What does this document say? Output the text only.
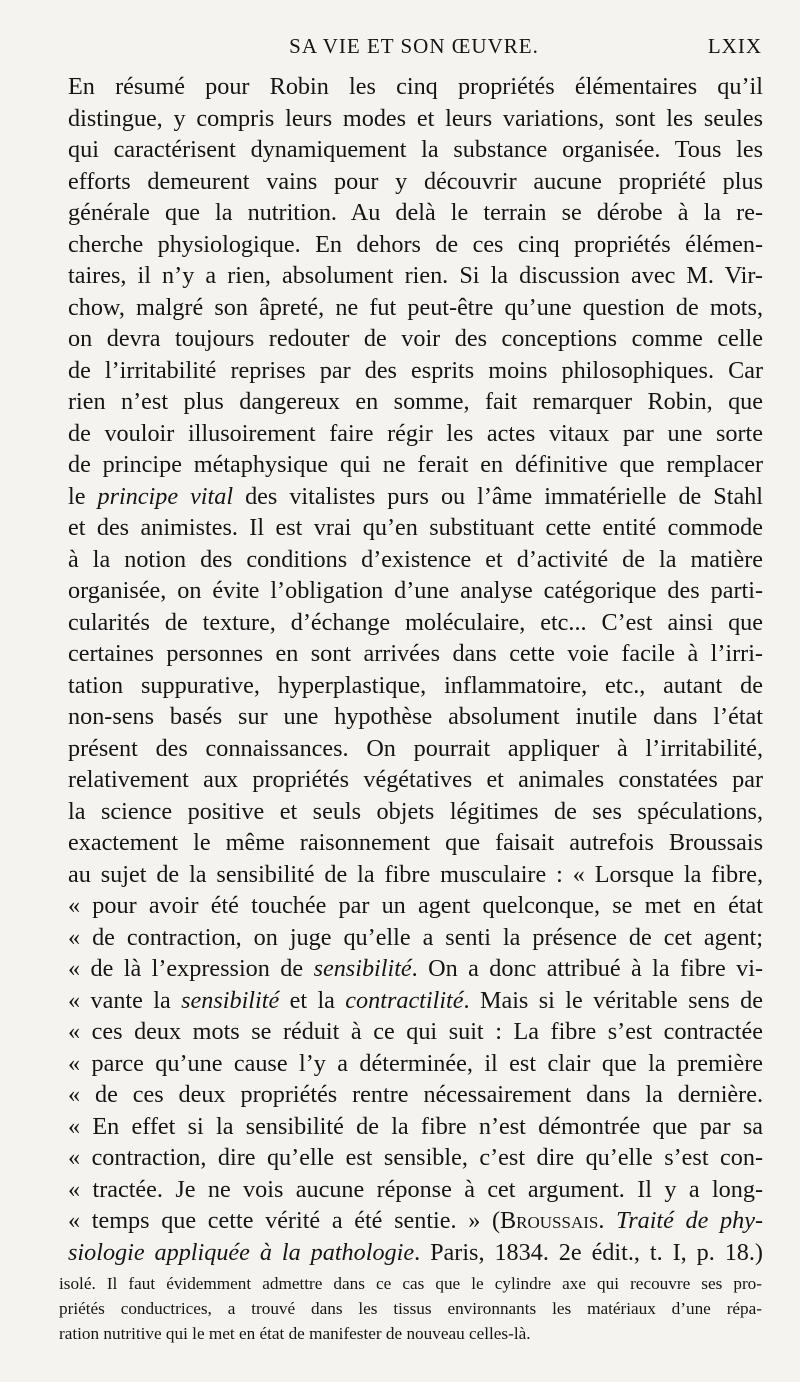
SA VIE ET SON ŒUVRE.	LXIX
En résumé pour Robin les cinq propriétés élémentaires qu’il
distingue, y compris leurs modes et leurs variations, sont les seules
qui caractérisent dynamiquement la substance organisée. Tous les
efforts demeurent vains pour y découvrir aucune propriété plus
générale que la nutrition. Au delà le terrain se dérobe à la re-
cherche physiologique. En dehors de ces cinq propriétés élémen-
taires, il n’y a rien, absolument rien. Si la discussion avec M. Vir-
chow, malgré son âpreté, ne fut peut-être qu’une question de mots,
on devra toujours redouter de voir des conceptions comme celle
de l’irritabilité reprises par des esprits moins philosophiques. Car
rien n’est plus dangereux en somme, fait remarquer Robin, que
de vouloir illusoirement faire régir les actes vitaux par une sorte
de principe métaphysique qui ne ferait en définitive que remplacer
le principe vital des vitalistes purs ou l’âme immatérielle de Stahl
et des animistes. Il est vrai qu’en substituant cette entité commode
à la notion des conditions d’existence et d’activité de la matière
organisée, on évite l’obligation d’une analyse catégorique des parti-
cularités de texture, d’échange moléculaire, etc... C’est ainsi que
certaines personnes en sont arrivées dans cette voie facile à l’irri-
tation suppurative, hyperplastique, inflammatoire, etc., autant de
non-sens basés sur une hypothèse absolument inutile dans l’état
présent des connaissances. On pourrait appliquer à l’irritabilité,
relativement aux propriétés végétatives et animales constatées par
la science positive et seuls objets légitimes de ses spéculations,
exactement le même raisonnement que faisait autrefois Broussais
au sujet de la sensibilité de la fibre musculaire : « Lorsque la fibre,
« pour avoir été touchée par un agent quelconque, se met en état
« de contraction, on juge qu’elle a senti la présence de cet agent;
« de là l’expression de sensibilité. On a donc attribué à la fibre vi-
« vante la sensibilité et la contractilité. Mais si le véritable sens de
« ces deux mots se réduit à ce qui suit : La fibre s’est contractée
« parce qu’une cause l’y a déterminée, il est clair que la première
« de ces deux propriétés rentre nécessairement dans la dernière.
« En effet si la sensibilité de la fibre n’est démontrée que par sa
« contraction, dire qu’elle est sensible, c’est dire qu’elle s’est con-
« tractée. Je ne vois aucune réponse à cet argument. Il y a long-
« temps que cette vérité a été sentie. » (Broussais. Traité de phy-
siologie appliquée à la pathologie. Paris, 1834. 2e édit., t. I, p. 18.)
isolé. Il faut évidemment admettre dans ce cas que le cylindre axe qui recouvre ses pro-
priétés conductrices, a trouvé dans les tissus environnants les matériaux d’une répa-
ration nutritive qui le met en état de manifester de nouveau celles-là.
